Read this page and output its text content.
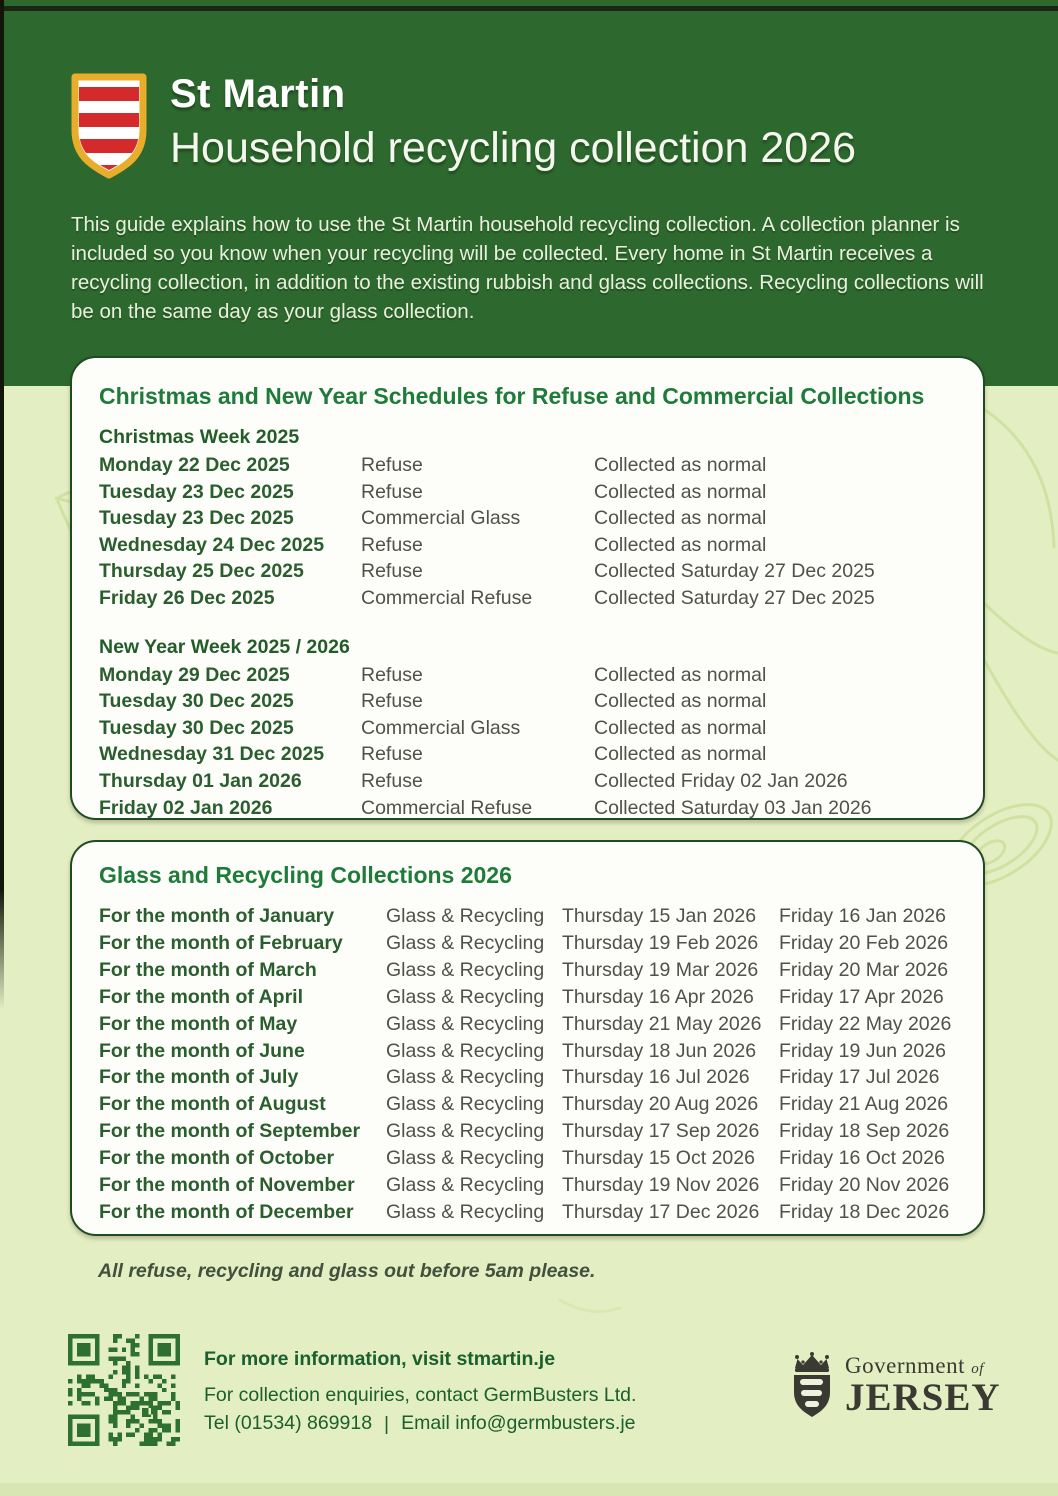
St Martin
Household recycling collection 2026

This guide explains how to use the St Martin household recycling collection. A collection planner is included so you know when your recycling will be collected. Every home in St Martin receives a recycling collection, in addition to the existing rubbish and glass collections. Recycling collections will be on the same day as your glass collection.

Christmas and New Year Schedules for Refuse and Commercial Collections
Christmas Week 2025
Monday 22 Dec 2025	Refuse	Collected as normal
Tuesday 23 Dec 2025	Refuse	Collected as normal
Tuesday 23 Dec 2025	Commercial Glass	Collected as normal
Wednesday 24 Dec 2025	Refuse	Collected as normal
Thursday 25 Dec 2025	Refuse	Collected Saturday 27 Dec 2025
Friday 26 Dec 2025	Commercial Refuse	Collected Saturday 27 Dec 2025
New Year Week 2025 / 2026
Monday 29 Dec 2025	Refuse	Collected as normal
Tuesday 30 Dec 2025	Refuse	Collected as normal
Tuesday 30 Dec 2025	Commercial Glass	Collected as normal
Wednesday 31 Dec 2025	Refuse	Collected as normal
Thursday 01 Jan 2026	Refuse	Collected Friday 02 Jan 2026
Friday 02 Jan 2026	Commercial Refuse	Collected Saturday 03 Jan 2026
Glass and Recycling Collections 2026
For the month of January	Glass & Recycling Thursday 15 Jan 2026	Friday 16 Jan 2026
For the month of February	Glass & Recycling Thursday 19 Feb 2026	Friday 20 Feb 2026
For the month of March	Glass & Recycling Thursday 19 Mar 2026	Friday 20 Mar 2026
For the month of April	Glass & Recycling Thursday 16 Apr 2026	Friday 17 Apr 2026
For the month of May	Glass & Recycling Thursday 21 May 2026 Friday 22 May 2026
For the month of June	Glass & Recycling Thursday 18 Jun 2026	Friday 19 Jun 2026
For the month of July	Glass & Recycling Thursday 16 Jul 2026	Friday 17 Jul 2026
For the month of August	Glass & Recycling Thursday 20 Aug 2026	Friday 21 Aug 2026
For the month of September	Glass & Recycling Thursday 17 Sep 2026	Friday 18 Sep 2026
For the month of October	Glass & Recycling Thursday 15 Oct 2026	Friday 16 Oct 2026
For the month of November	Glass & Recycling Thursday 19 Nov 2026	Friday 20 Nov 2026
For the month of December	Glass & Recycling Thursday 17 Dec 2026	Friday 18 Dec 2026

All refuse, recycling and glass out before 5am please.

For more information, visit stmartin.je

For collection enquiries, contact GermBusters Ltd.

Tel (01534) 869918 | Email info@germbusters.je

Government of
JERSEY
